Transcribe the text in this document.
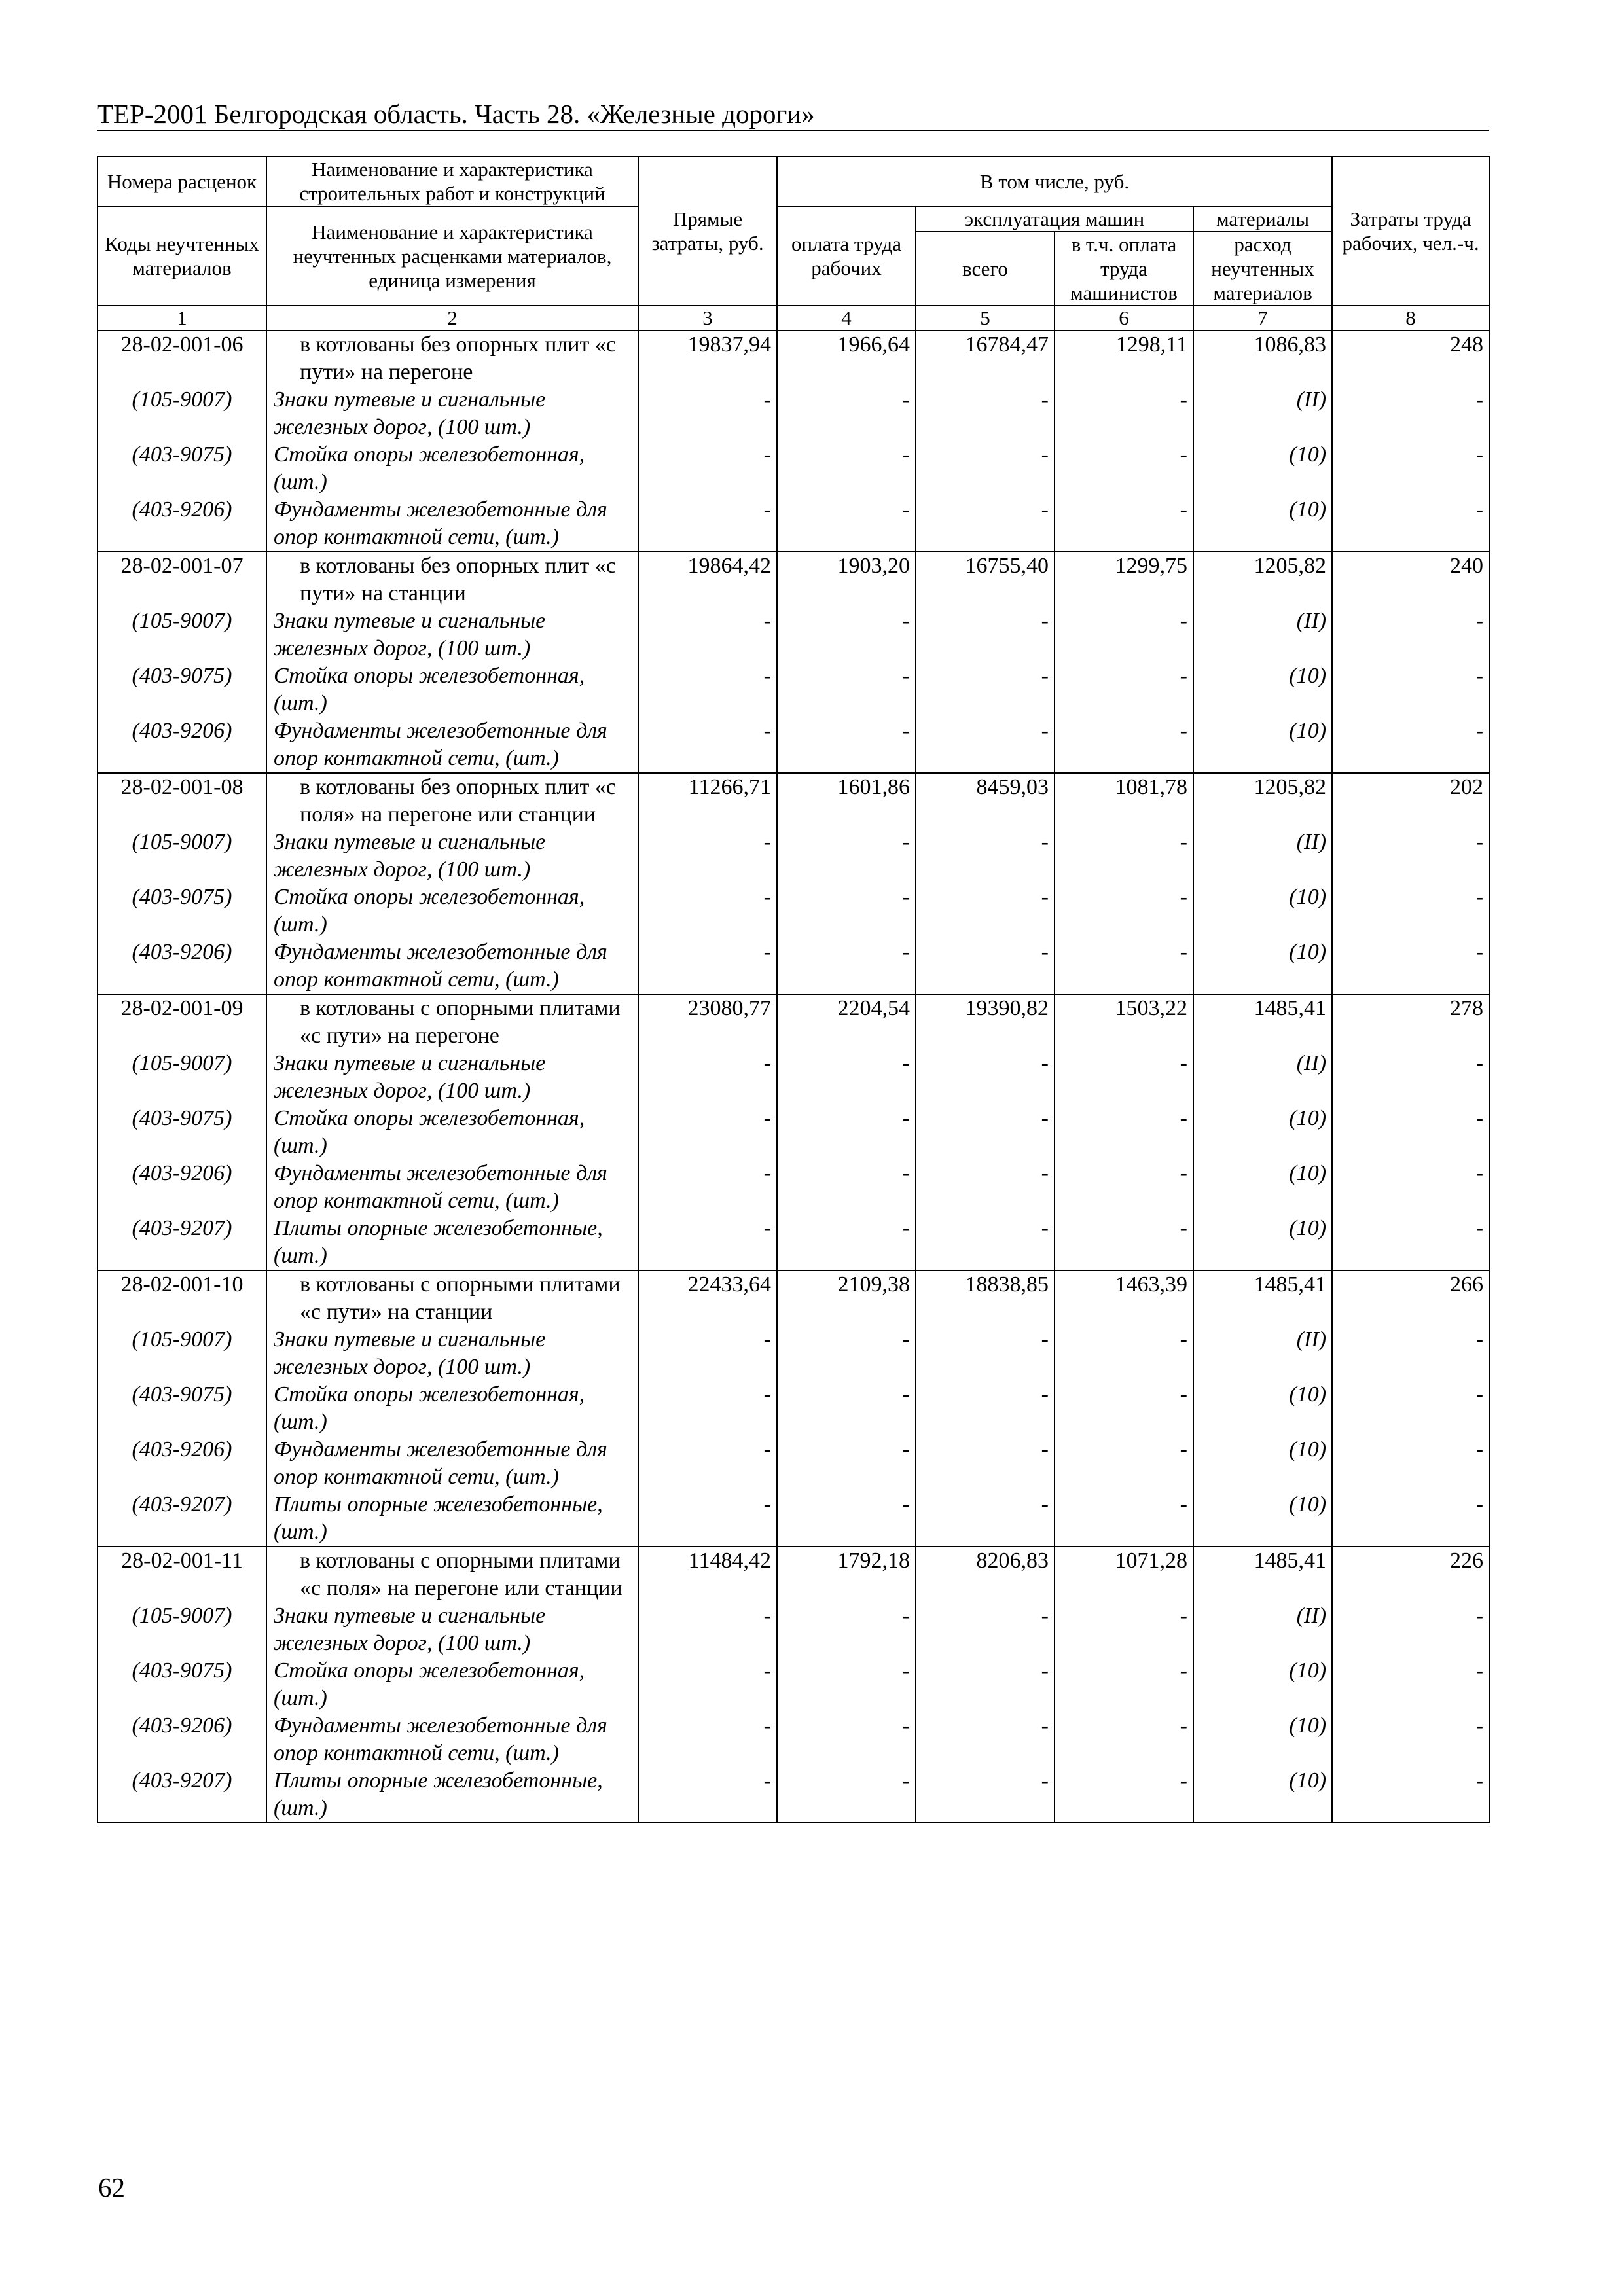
ТЕР-2001 Белгородская область. Часть 28. «Железные дороги»
Номера расценок	Наименование и характеристика строительных работ и конструкций	Прямые затраты, руб.	В том числе, руб.				Затраты труда рабочих, чел.-ч.
Коды неучтенных материалов	Наименование и характеристика неучтенных расценками материалов, единица измерения		оплата труда рабочих	эксплуатация машин		материалы	
				всего	в т.ч. оплата труда машинистов	расход неучтенных материалов	
1	2	3	4	5	6	7	8
28-02-001-06	в котлованы без опорных плит «с пути» на перегоне	19837,94	1966,64	16784,47	1298,11	1086,83	248
(105-9007)	Знаки путевые и сигнальные железных дорог, (100 шт.)	-	-	-	-	(II)	-
(403-9075)	Стойка опоры железобетонная, (шт.)	-	-	-	-	(10)	-
(403-9206)	Фундаменты железобетонные для опор контактной сети, (шт.)	-	-	-	-	(10)	-
28-02-001-07	в котлованы без опорных плит «с пути» на станции	19864,42	1903,20	16755,40	1299,75	1205,82	240
(105-9007)	Знаки путевые и сигнальные железных дорог, (100 шт.)	-	-	-	-	(II)	-
(403-9075)	Стойка опоры железобетонная, (шт.)	-	-	-	-	(10)	-
(403-9206)	Фундаменты железобетонные для опор контактной сети, (шт.)	-	-	-	-	(10)	-
28-02-001-08	в котлованы без опорных плит «с поля» на перегоне или станции	11266,71	1601,86	8459,03	1081,78	1205,82	202
(105-9007)	Знаки путевые и сигнальные железных дорог, (100 шт.)	-	-	-	-	(II)	-
(403-9075)	Стойка опоры железобетонная, (шт.)	-	-	-	-	(10)	-
(403-9206)	Фундаменты железобетонные для опор контактной сети, (шт.)	-	-	-	-	(10)	-
28-02-001-09	в котлованы с опорными плитами «с пути» на перегоне	23080,77	2204,54	19390,82	1503,22	1485,41	278
(105-9007)	Знаки путевые и сигнальные железных дорог, (100 шт.)	-	-	-	-	(II)	-
(403-9075)	Стойка опоры железобетонная, (шт.)	-	-	-	-	(10)	-
(403-9206)	Фундаменты железобетонные для опор контактной сети, (шт.)	-	-	-	-	(10)	-
(403-9207)	Плиты опорные железобетонные, (шт.)	-	-	-	-	(10)	-
28-02-001-10	в котлованы с опорными плитами «с пути» на станции	22433,64	2109,38	18838,85	1463,39	1485,41	266
(105-9007)	Знаки путевые и сигнальные железных дорог, (100 шт.)	-	-	-	-	(II)	-
(403-9075)	Стойка опоры железобетонная, (шт.)	-	-	-	-	(10)	-
(403-9206)	Фундаменты железобетонные для опор контактной сети, (шт.)	-	-	-	-	(10)	-
(403-9207)	Плиты опорные железобетонные, (шт.)	-	-	-	-	(10)	-
28-02-001-11	в котлованы с опорными плитами «с поля» на перегоне или станции	11484,42	1792,18	8206,83	1071,28	1485,41	226
(105-9007)	Знаки путевые и сигнальные железных дорог, (100 шт.)	-	-	-	-	(II)	-
(403-9075)	Стойка опоры железобетонная, (шт.)	-	-	-	-	(10)	-
(403-9206)	Фундаменты железобетонные для опор контактной сети, (шт.)	-	-	-	-	(10)	-
(403-9207)	Плиты опорные железобетонные, (шт.)	-	-	-	-	(10)	-
62
